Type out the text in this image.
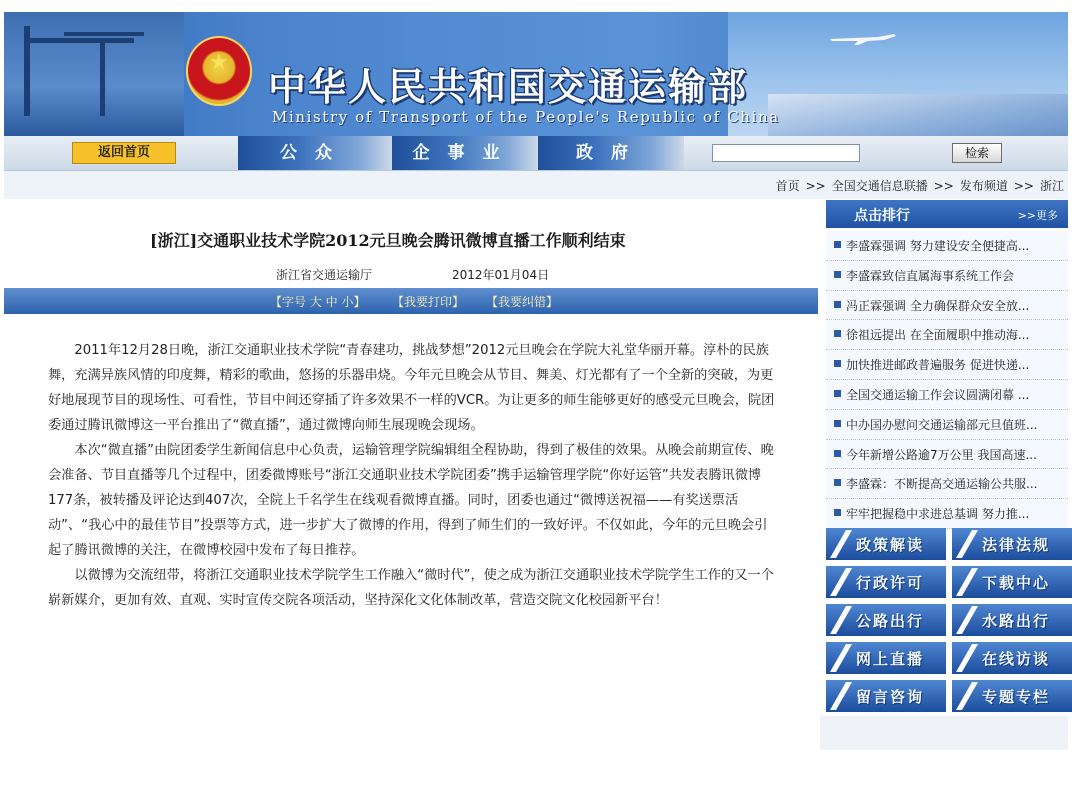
★
中华人民共和国交通运输部
Ministry of Transport of the People's Republic of China
返回首页	公众	企事业	政府	检索
首页 >> 全国交通信息联播 >> 发布频道 >> 浙江
[浙江]交通职业技术学院2012元旦晚会腾讯微博直播工作顺利结束
浙江省交通运输厅	2012年01月04日
【字号 大 中 小】 【我要打印】 【我要纠错】

2011年12月28日晚，浙江交通职业技术学院“青春建功，挑战梦想”2012元旦晚会在学院大礼堂华丽开幕。淳朴的民族舞，充满异族风情的印度舞，精彩的歌曲，悠扬的乐器串烧。今年元旦晚会从节目、舞美、灯光都有了一个全新的突破，为更好地展现节目的现场性、可看性，节目中间还穿插了许多效果不一样的VCR。为让更多的师生能够更好的感受元旦晚会，院团委通过腾讯微博这一平台推出了“微直播”，通过微博向师生展现晚会现场。

本次“微直播”由院团委学生新闻信息中心负责，运输管理学院编辑组全程协助，得到了极佳的效果。从晚会前期宣传、晚会准备、节目直播等几个过程中，团委微博账号“浙江交通职业技术学院团委”携手运输管理学院“你好运管”共发表腾讯微博177条，被转播及评论达到407次，全院上千名学生在线观看微博直播。同时，团委也通过“微博送祝福——有奖送票活动”、“我心中的最佳节目”投票等方式，进一步扩大了微博的作用，得到了师生们的一致好评。不仅如此，今年的元旦晚会引起了腾讯微博的关注，在微博校园中发布了每日推荐。

以微博为交流纽带，将浙江交通职业技术学院学生工作融入“微时代”，使之成为浙江交通职业技术学院学生工作的又一个崭新媒介，更加有效、直观、实时宣传交院各项活动，坚持深化文化体制改革，营造交院文化校园新平台！

点击排行	>>更多
李盛霖强调 努力建设安全便捷高...
李盛霖致信直属海事系统工作会
冯正霖强调 全力确保群众安全放...
徐祖远提出 在全面履职中推动海...
加快推进邮政普遍服务 促进快递...
全国交通运输工作会议圆满闭幕 ...
中办国办慰问交通运输部元旦值班...
今年新增公路逾7万公里 我国高速...
李盛霖：不断提高交通运输公共服...
牢牢把握稳中求进总基调 努力推...
政策解读	法律法规
行政许可	下载中心
公路出行	水路出行
网上直播	在线访谈
留言咨询	专题专栏
